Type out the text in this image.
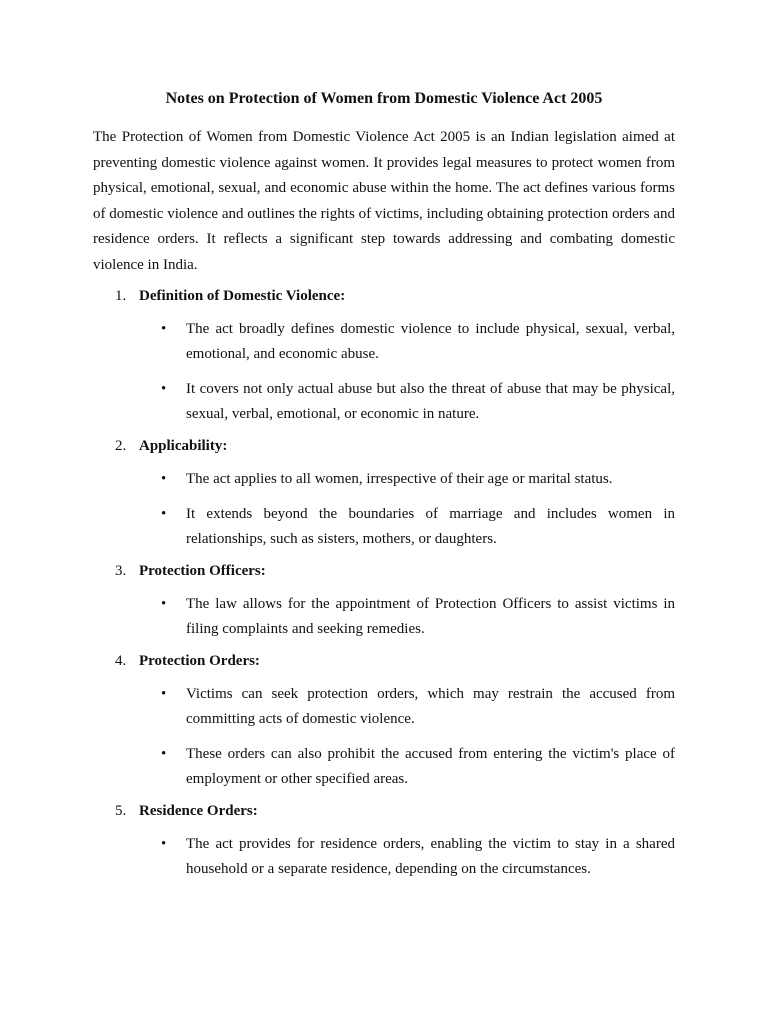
Notes on Protection of Women from Domestic Violence Act 2005

The Protection of Women from Domestic Violence Act 2005 is an Indian legislation aimed at preventing domestic violence against women. It provides legal measures to protect women from physical, emotional, sexual, and economic abuse within the home. The act defines various forms of domestic violence and outlines the rights of victims, including obtaining protection orders and residence orders. It reflects a significant step towards addressing and combating domestic violence in India.

1. Definition of Domestic Violence:
•	The act broadly defines domestic violence to include physical, sexual, verbal, emotional, and economic abuse.
•	It covers not only actual abuse but also the threat of abuse that may be physical, sexual, verbal, emotional, or economic in nature.
2. Applicability:
•	The act applies to all women, irrespective of their age or marital status.
•	It extends beyond the boundaries of marriage and includes women in relationships, such as sisters, mothers, or daughters.
3. Protection Officers:
•	The law allows for the appointment of Protection Officers to assist victims in filing complaints and seeking remedies.
4. Protection Orders:
•	Victims can seek protection orders, which may restrain the accused from committing acts of domestic violence.
•	These orders can also prohibit the accused from entering the victim's place of employment or other specified areas.
5. Residence Orders:
•	The act provides for residence orders, enabling the victim to stay in a shared household or a separate residence, depending on the circumstances.
